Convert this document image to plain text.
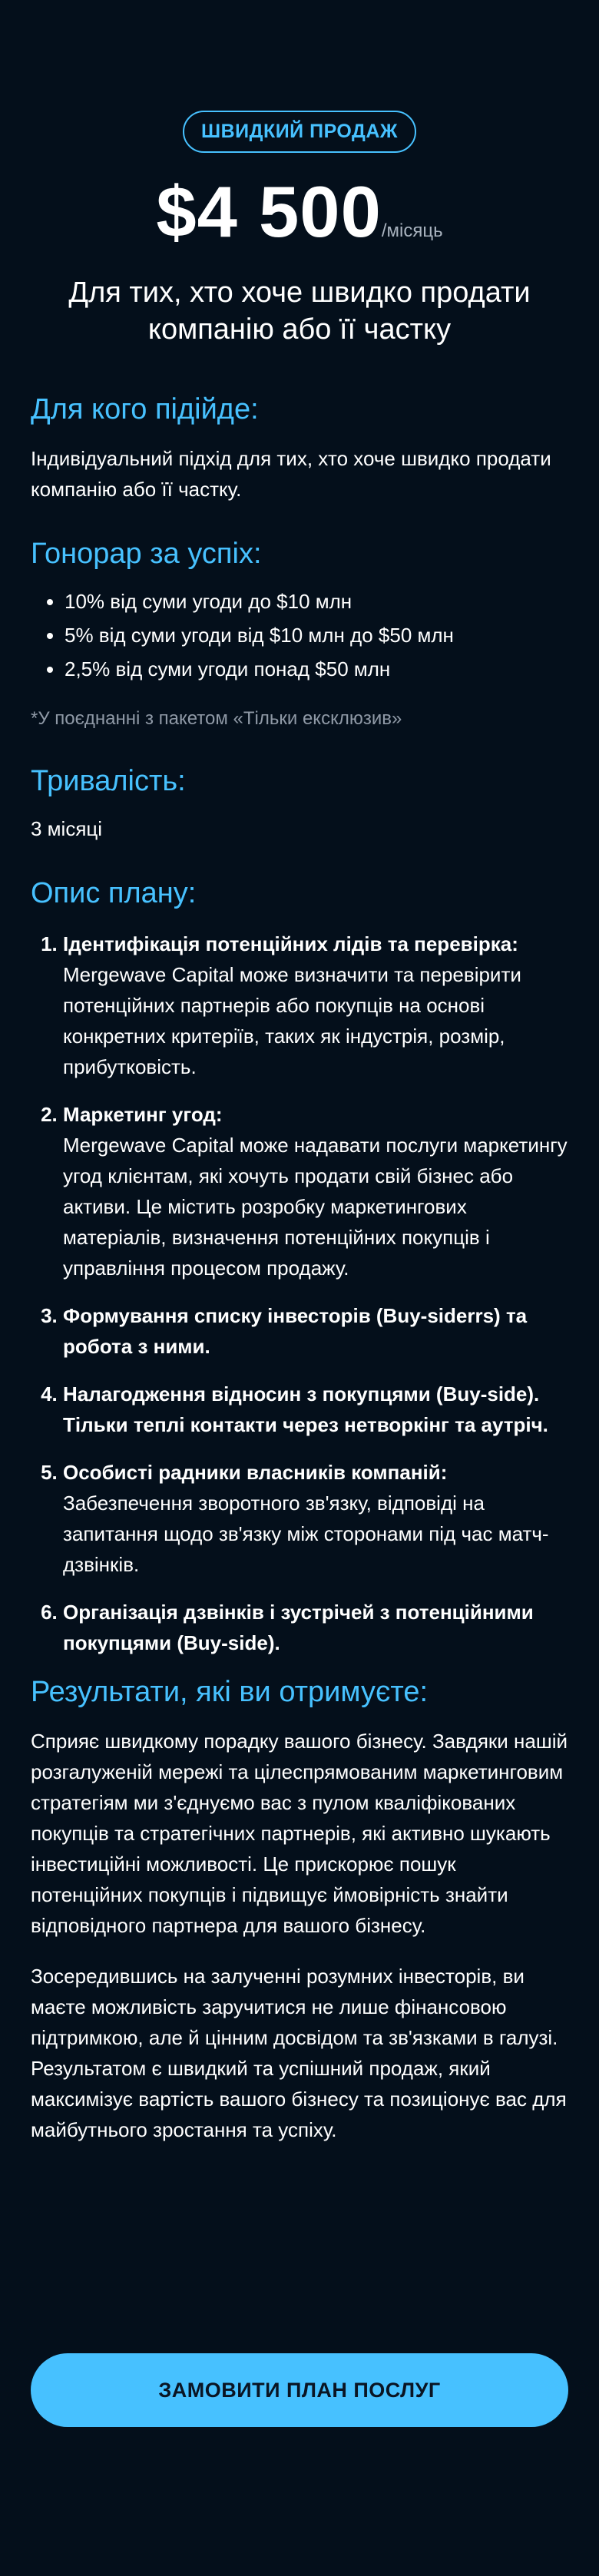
ШВИДКИЙ ПРОДАЖ
$4 500/місяць
Для тих, хто хоче швидко продати компанію або її частку
Для кого підійде:

Індивідуальний підхід для тих, хто хоче швидко продати компанію або її частку.

Гонорар за успіх:
• 10% від суми угоди до $10 млн
• 5% від суми угоди від $10 млн до $50 млн
• 2,5% від суми угоди понад $50 млн
*У поєднанні з пакетом «Тільки ексклюзив»
Тривалість:

3 місяці

Опис плану:
1. Ідентифікація потенційних лідів та перевірка:
Mergewave Capital може визначити та перевірити потенційних партнерів або покупців на основі конкретних критеріїв, таких як індустрія, розмір, прибутковість.
2. Маркетинг угод:
Mergewave Capital може надавати послуги маркетингу угод клієнтам, які хочуть продати свій бізнес або активи. Це містить розробку маркетингових матеріалів, визначення потенційних покупців і управління процесом продажу.
3. Формування списку інвесторів (Buy-siderrs) та робота з ними.
4. Налагодження відносин з покупцями (Buy-side). Тільки теплі контакти через нетворкінг та аутріч.
5. Особисті радники власників компаній:
Забезпечення зворотного зв'язку, відповіді на запитання щодо зв'язку між сторонами під час матч-дзвінків.
6. Організація дзвінків і зустрічей з потенційними покупцями (Buy-side).
Результати, які ви отримуєте:

Сприяє швидкому порадку вашого бізнесу. Завдяки нашій розгалуженій мережі та цілеспрямованим маркетинговим стратегіям ми з'єднуємо вас з пулом кваліфікованих покупців та стратегічних партнерів, які активно шукають інвестиційні можливості. Це прискорює пошук потенційних покупців і підвищує ймовірність знайти відповідного партнера для вашого бізнесу.

Зосередившись на залученні розумних інвесторів, ви маєте можливість заручитися не лише фінансовою підтримкою, але й цінним досвідом та зв'язками в галузі. Результатом є швидкий та успішний продаж, який максимізує вартість вашого бізнесу та позиціонує вас для майбутнього зростання та успіху.

ЗАМОВИТИ ПЛАН ПОСЛУГ
